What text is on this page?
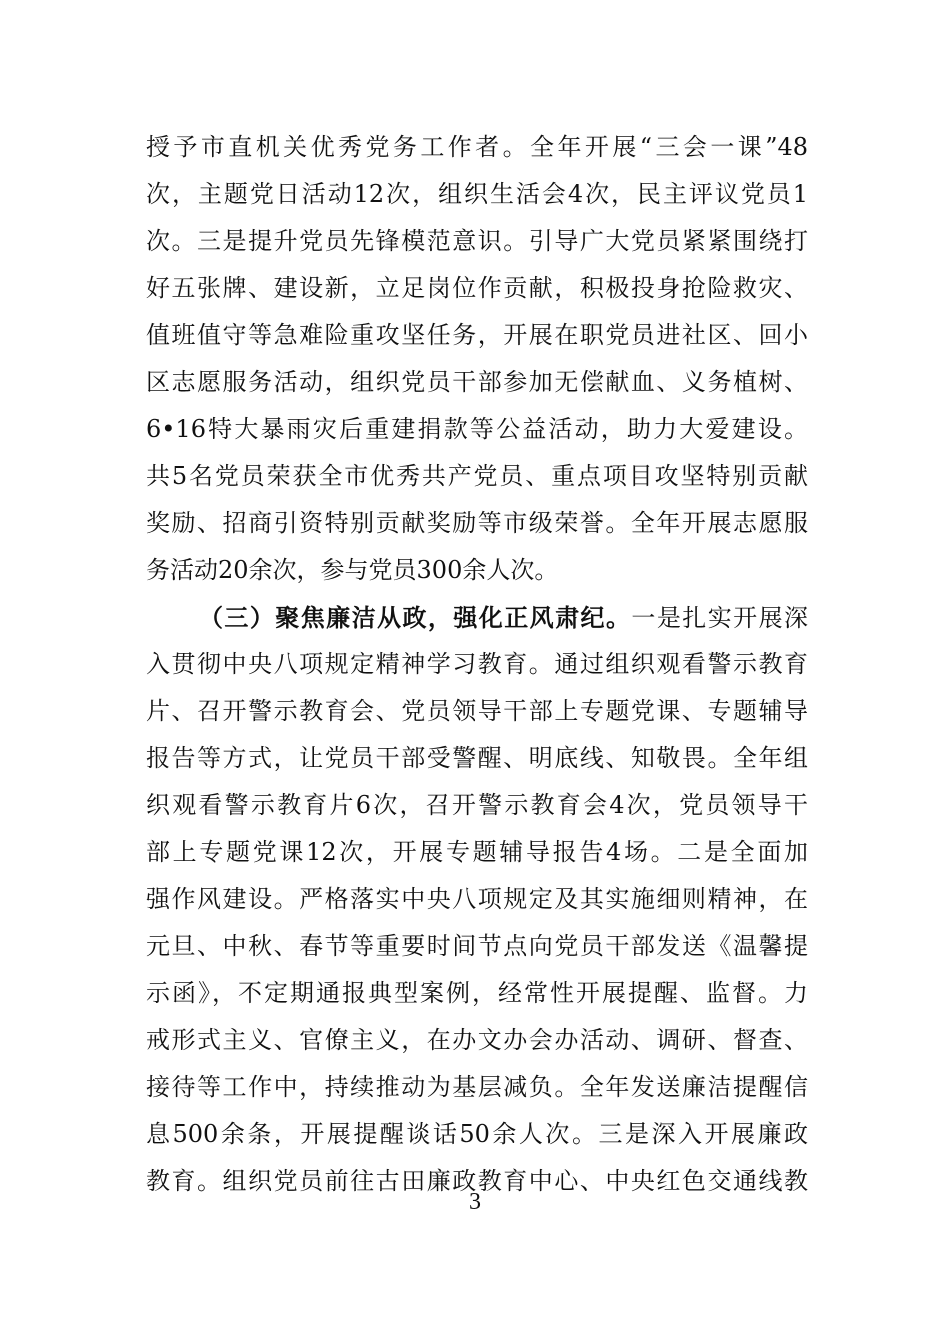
授予市直机关优秀党务工作者。全年开展“三会一课”48
次，主题党日活动12次，组织生活会4次，民主评议党员1
次。三是提升党员先锋模范意识。引导广大党员紧紧围绕打
好五张牌、建设新，立足岗位作贡献，积极投身抢险救灾、
值班值守等急难险重攻坚任务，开展在职党员进社区、回小
区志愿服务活动，组织党员干部参加无偿献血、义务植树、
6•16特大暴雨灾后重建捐款等公益活动，助力大爱建设。
共5名党员荣获全市优秀共产党员、重点项目攻坚特别贡献
奖励、招商引资特别贡献奖励等市级荣誉。全年开展志愿服
务活动20余次，参与党员300余人次。
（三）聚焦廉洁从政，强化正风肃纪。一是扎实开展深
入贯彻中央八项规定精神学习教育。通过组织观看警示教育
片、召开警示教育会、党员领导干部上专题党课、专题辅导
报告等方式，让党员干部受警醒、明底线、知敬畏。全年组
织观看警示教育片6次，召开警示教育会4次，党员领导干
部上专题党课12次，开展专题辅导报告4场。二是全面加
强作风建设。严格落实中央八项规定及其实施细则精神，在
元旦、中秋、春节等重要时间节点向党员干部发送《温馨提
示函》，不定期通报典型案例，经常性开展提醒、监督。力
戒形式主义、官僚主义，在办文办会办活动、调研、督查、
接待等工作中，持续推动为基层减负。全年发送廉洁提醒信
息500余条，开展提醒谈话50余人次。三是深入开展廉政
教育。组织党员前往古田廉政教育中心、中央红色交通线教
3
